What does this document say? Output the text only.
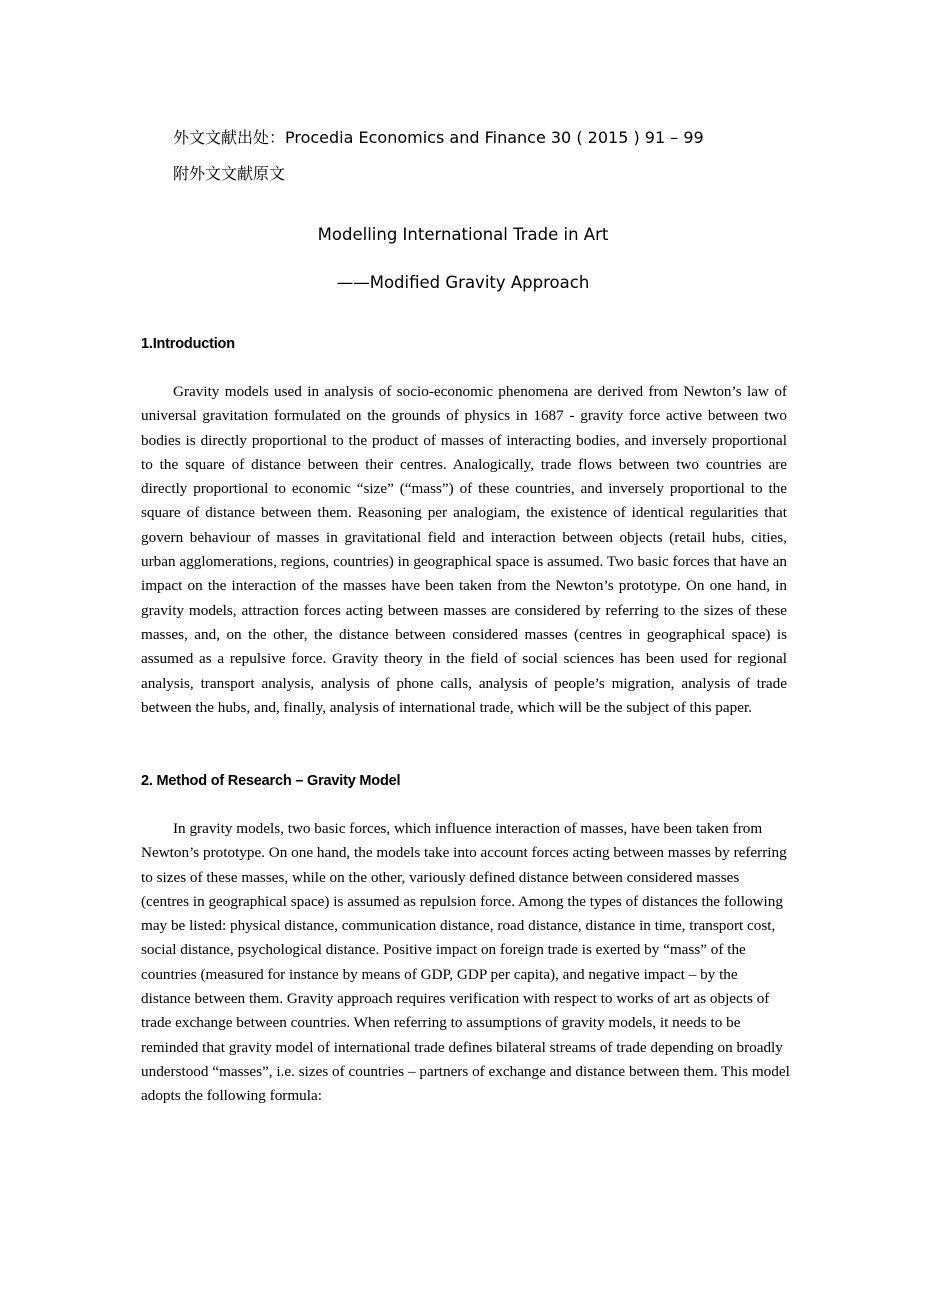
外文文献出处：Procedia Economics and Finance 30 ( 2015 ) 91 – 99
附外文文献原文
Modelling International Trade in Art
——Modified Gravity Approach
1.Introduction

Gravity models used in analysis of socio-economic phenomena are derived from Newton’s law of universal gravitation formulated on the grounds of physics in 1687 - gravity force active between two bodies is directly proportional to the product of masses of interacting bodies, and inversely proportional to the square of distance between their centres. Analogically, trade flows between two countries are directly proportional to economic “size” (“mass”) of these countries, and inversely proportional to the square of distance between them. Reasoning per analogiam, the existence of identical regularities that govern behaviour of masses in gravitational field and interaction between objects (retail hubs, cities, urban agglomerations, regions, countries) in geographical space is assumed. Two basic forces that have an impact on the interaction of the masses have been taken from the Newton’s prototype. On one hand, in gravity models, attraction forces acting between masses are considered by referring to the sizes of these masses, and, on the other, the distance between considered masses (centres in geographical space) is assumed as a repulsive force. Gravity theory in the field of social sciences has been used for regional analysis, transport analysis, analysis of phone calls, analysis of people’s migration, analysis of trade between the hubs, and, finally, analysis of international trade, which will be the subject of this paper.

2. Method of Research – Gravity Model

In gravity models, two basic forces, which influence interaction of masses, have been taken from Newton’s prototype. On one hand, the models take into account forces acting between masses by referring to sizes of these masses, while on the other, variously defined distance between considered masses (centres in geographical space) is assumed as repulsion force. Among the types of distances the following may be listed: physical distance, communication distance, road distance, distance in time, transport cost, social distance, psychological distance. Positive impact on foreign trade is exerted by “mass” of the countries (measured for instance by means of GDP, GDP per capita), and negative impact – by the distance between them. Gravity approach requires verification with respect to works of art as objects of trade exchange between countries. When referring to assumptions of gravity models, it needs to be reminded that gravity model of international trade defines bilateral streams of trade depending on broadly understood “masses”, i.e. sizes of countries – partners of exchange and distance between them. This model adopts the following formula:
